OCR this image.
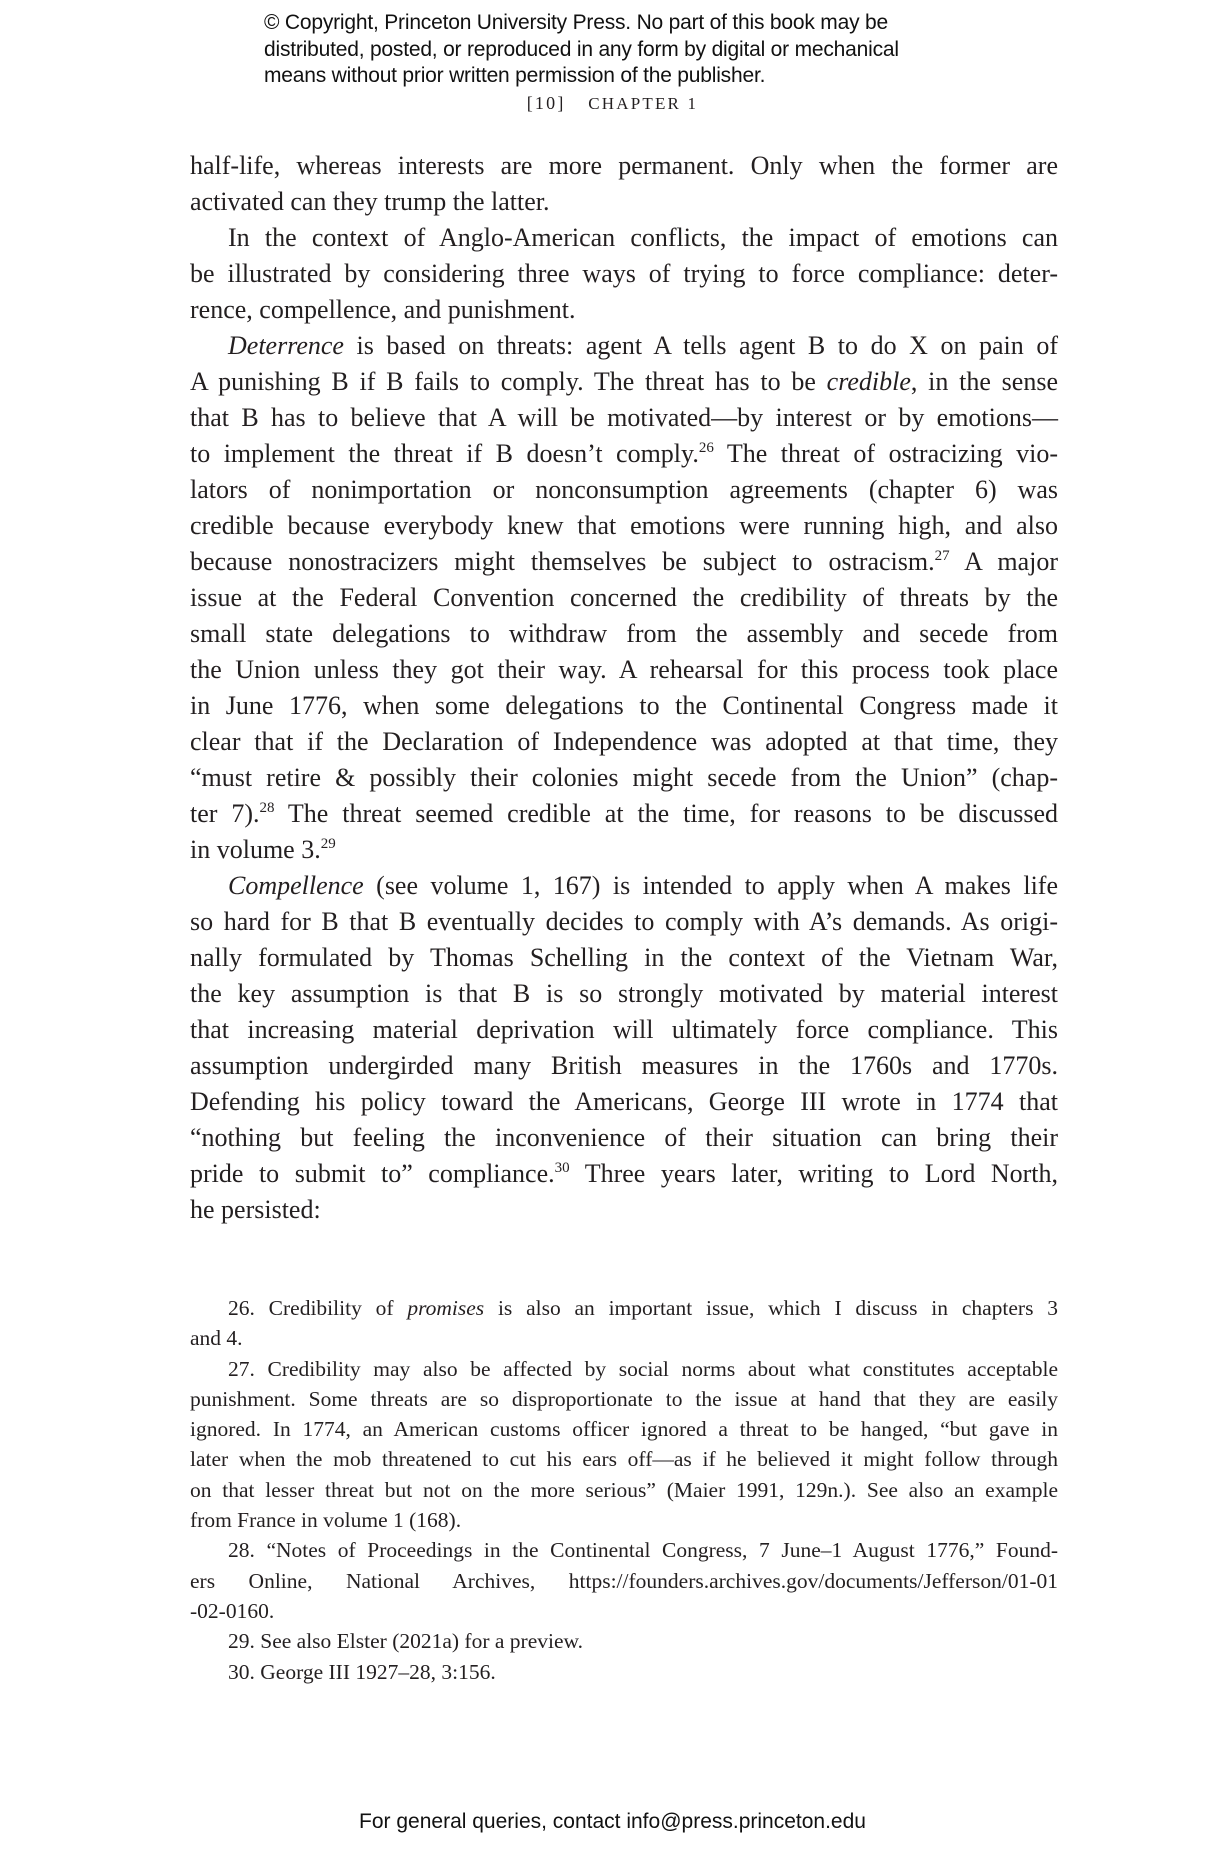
© Copyright, Princeton University Press. No part of this book may be
distributed, posted, or reproduced in any form by digital or mechanical
means without prior written permission of the publisher.
[10] CHAPTER 1
half-life, whereas interests are more permanent. Only when the former are
activated can they trump the latter.
In the context of Anglo-American conflicts, the impact of emotions can
be illustrated by considering three ways of trying to force compliance: deter-
rence, compellence, and punishment.
Deterrence is based on threats: agent A tells agent B to do X on pain of
A punishing B if B fails to comply. The threat has to be credible, in the sense
that B has to believe that A will be motivated—by interest or by emotions—
to implement the threat if B doesn’t comply.$^{26}$ The threat of ostracizing vio-
lators of nonimportation or nonconsumption agreements (chapter 6) was
credible because everybody knew that emotions were running high, and also
because nonostracizers might themselves be subject to ostracism.$^{27}$ A major
issue at the Federal Convention concerned the credibility of threats by the
small state delegations to withdraw from the assembly and secede from
the Union unless they got their way. A rehearsal for this process took place
in June 1776, when some delegations to the Continental Congress made it
clear that if the Declaration of Independence was adopted at that time, they
“must retire & possibly their colonies might secede from the Union” (chap-
ter 7).$^{28}$ The threat seemed credible at the time, for reasons to be discussed
in volume 3.29
Compellence (see volume 1, 167) is intended to apply when A makes life
so hard for B that B eventually decides to comply with A’s demands. As origi-
nally formulated by Thomas Schelling in the context of the Vietnam War,
the key assumption is that B is so strongly motivated by material interest
that increasing material deprivation will ultimately force compliance. This
assumption undergirded many British measures in the 1760s and 1770s.
Defending his policy toward the Americans, George III wrote in 1774 that
“nothing but feeling the inconvenience of their situation can bring their
pride to submit to” compliance.$^{30}$ Three years later, writing to Lord North,
he persisted:
26. Credibility of promises is also an important issue, which I discuss in chapters 3
and 4.
27. Credibility may also be affected by social norms about what constitutes acceptable
punishment. Some threats are so disproportionate to the issue at hand that they are easily
ignored. In 1774, an American customs officer ignored a threat to be hanged, “but gave in
later when the mob threatened to cut his ears off—as if he believed it might follow through
on that lesser threat but not on the more serious” (Maier 1991, 129n.). See also an example
from France in volume 1 (168).
28. “Notes of Proceedings in the Continental Congress, 7 June–1 August 1776,” Found-
ers Online, National Archives, https://founders.archives.gov/documents/Jefferson/01-01
-02-0160.
29. See also Elster (2021a) for a preview.
30. George III 1927–28, 3:156.
For general queries, contact info@press.princeton.edu
